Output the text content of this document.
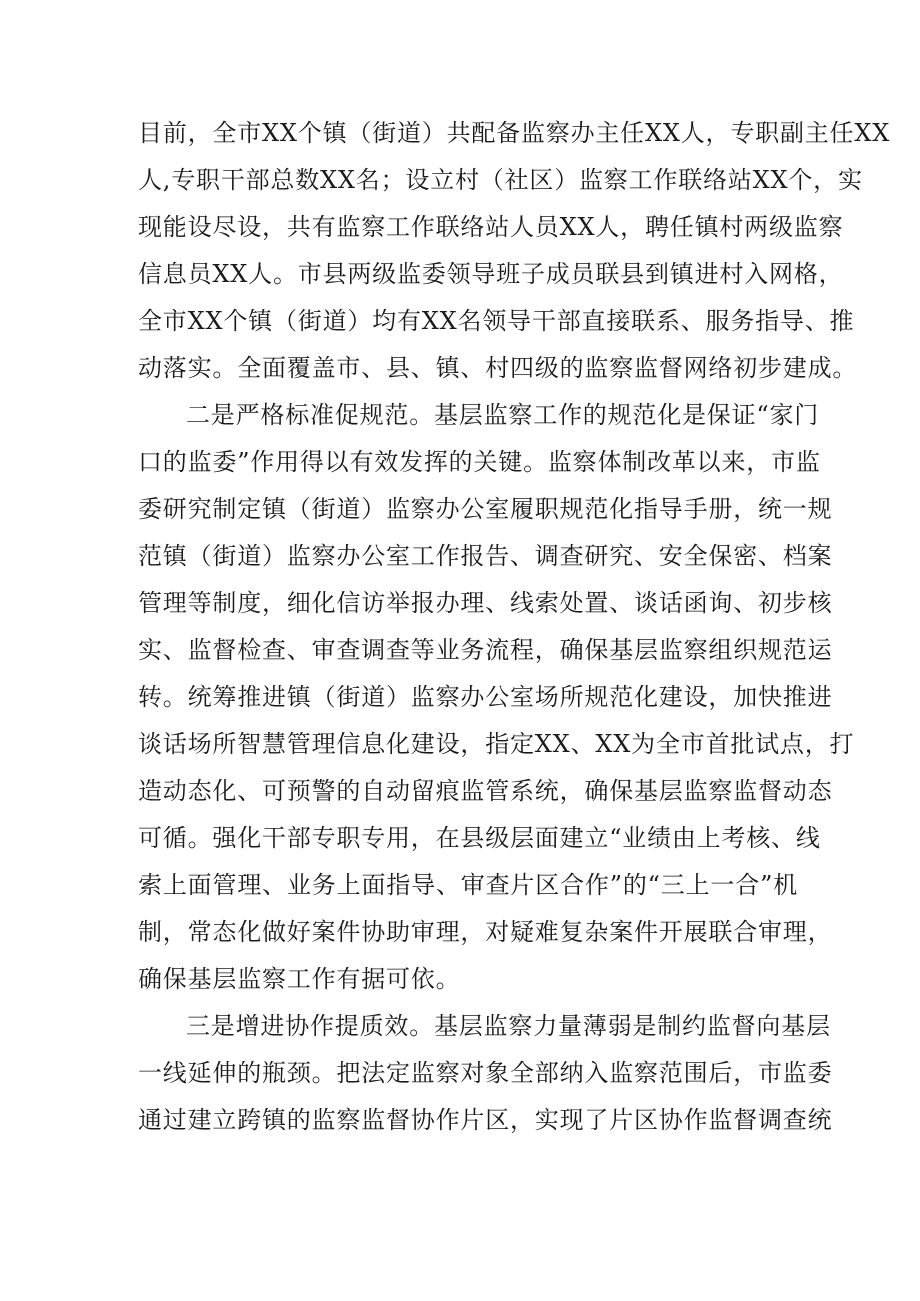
目前，全市XX个镇（街道）共配备监察办主任XX人，专职副主任XX
人,专职干部总数XX名；设立村（社区）监察工作联络站XX个，实
现能设尽设，共有监察工作联络站人员XX人，聘任镇村两级监察
信息员XX人。市县两级监委领导班子成员联县到镇进村入网格，
全市XX个镇（街道）均有XX名领导干部直接联系、服务指导、推
动落实。全面覆盖市、县、镇、村四级的监察监督网络初步建成。
二是严格标准促规范。基层监察工作的规范化是保证“家门
口的监委”作用得以有效发挥的关键。监察体制改革以来，市监
委研究制定镇（街道）监察办公室履职规范化指导手册，统一规
范镇（街道）监察办公室工作报告、调查研究、安全保密、档案
管理等制度，细化信访举报办理、线索处置、谈话函询、初步核
实、监督检查、审查调查等业务流程，确保基层监察组织规范运
转。统筹推进镇（街道）监察办公室场所规范化建设，加快推进
谈话场所智慧管理信息化建设，指定XX、XX为全市首批试点，打
造动态化、可预警的自动留痕监管系统，确保基层监察监督动态
可循。强化干部专职专用，在县级层面建立“业绩由上考核、线
索上面管理、业务上面指导、审查片区合作”的“三上一合”机
制，常态化做好案件协助审理，对疑难复杂案件开展联合审理，
确保基层监察工作有据可依。
三是增进协作提质效。基层监察力量薄弱是制约监督向基层
一线延伸的瓶颈。把法定监察对象全部纳入监察范围后，市监委
通过建立跨镇的监察监督协作片区，实现了片区协作监督调查统
